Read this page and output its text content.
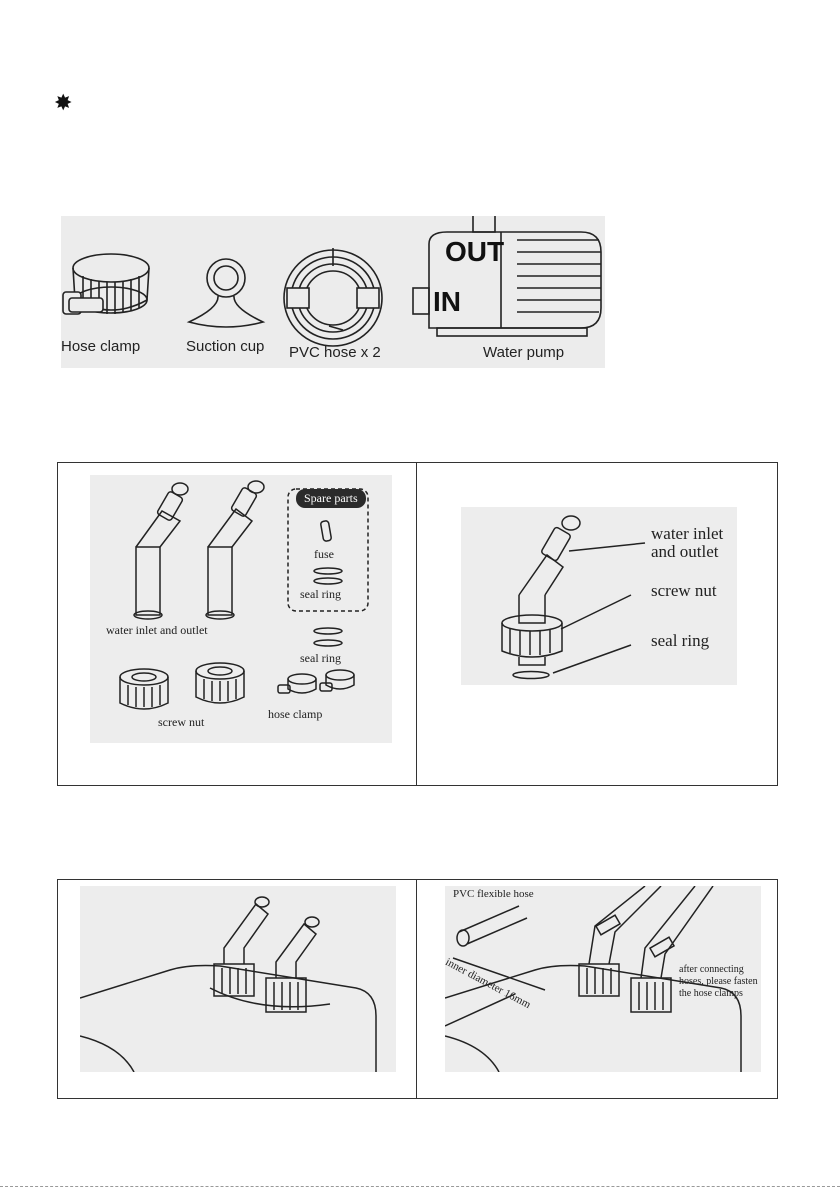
✸
OUT
IN
Hose clamp	Suction cup PVC hose x 2	Water pump
Spare parts
fuse
seal ring
water inlet and outlet
seal ring
screw nut
hose clamp
water inlet
and outlet
screw nut
seal ring
PVC flexible hose
inner diameter 16mm	after connecting
hoses, please fasten
the hose clamps
